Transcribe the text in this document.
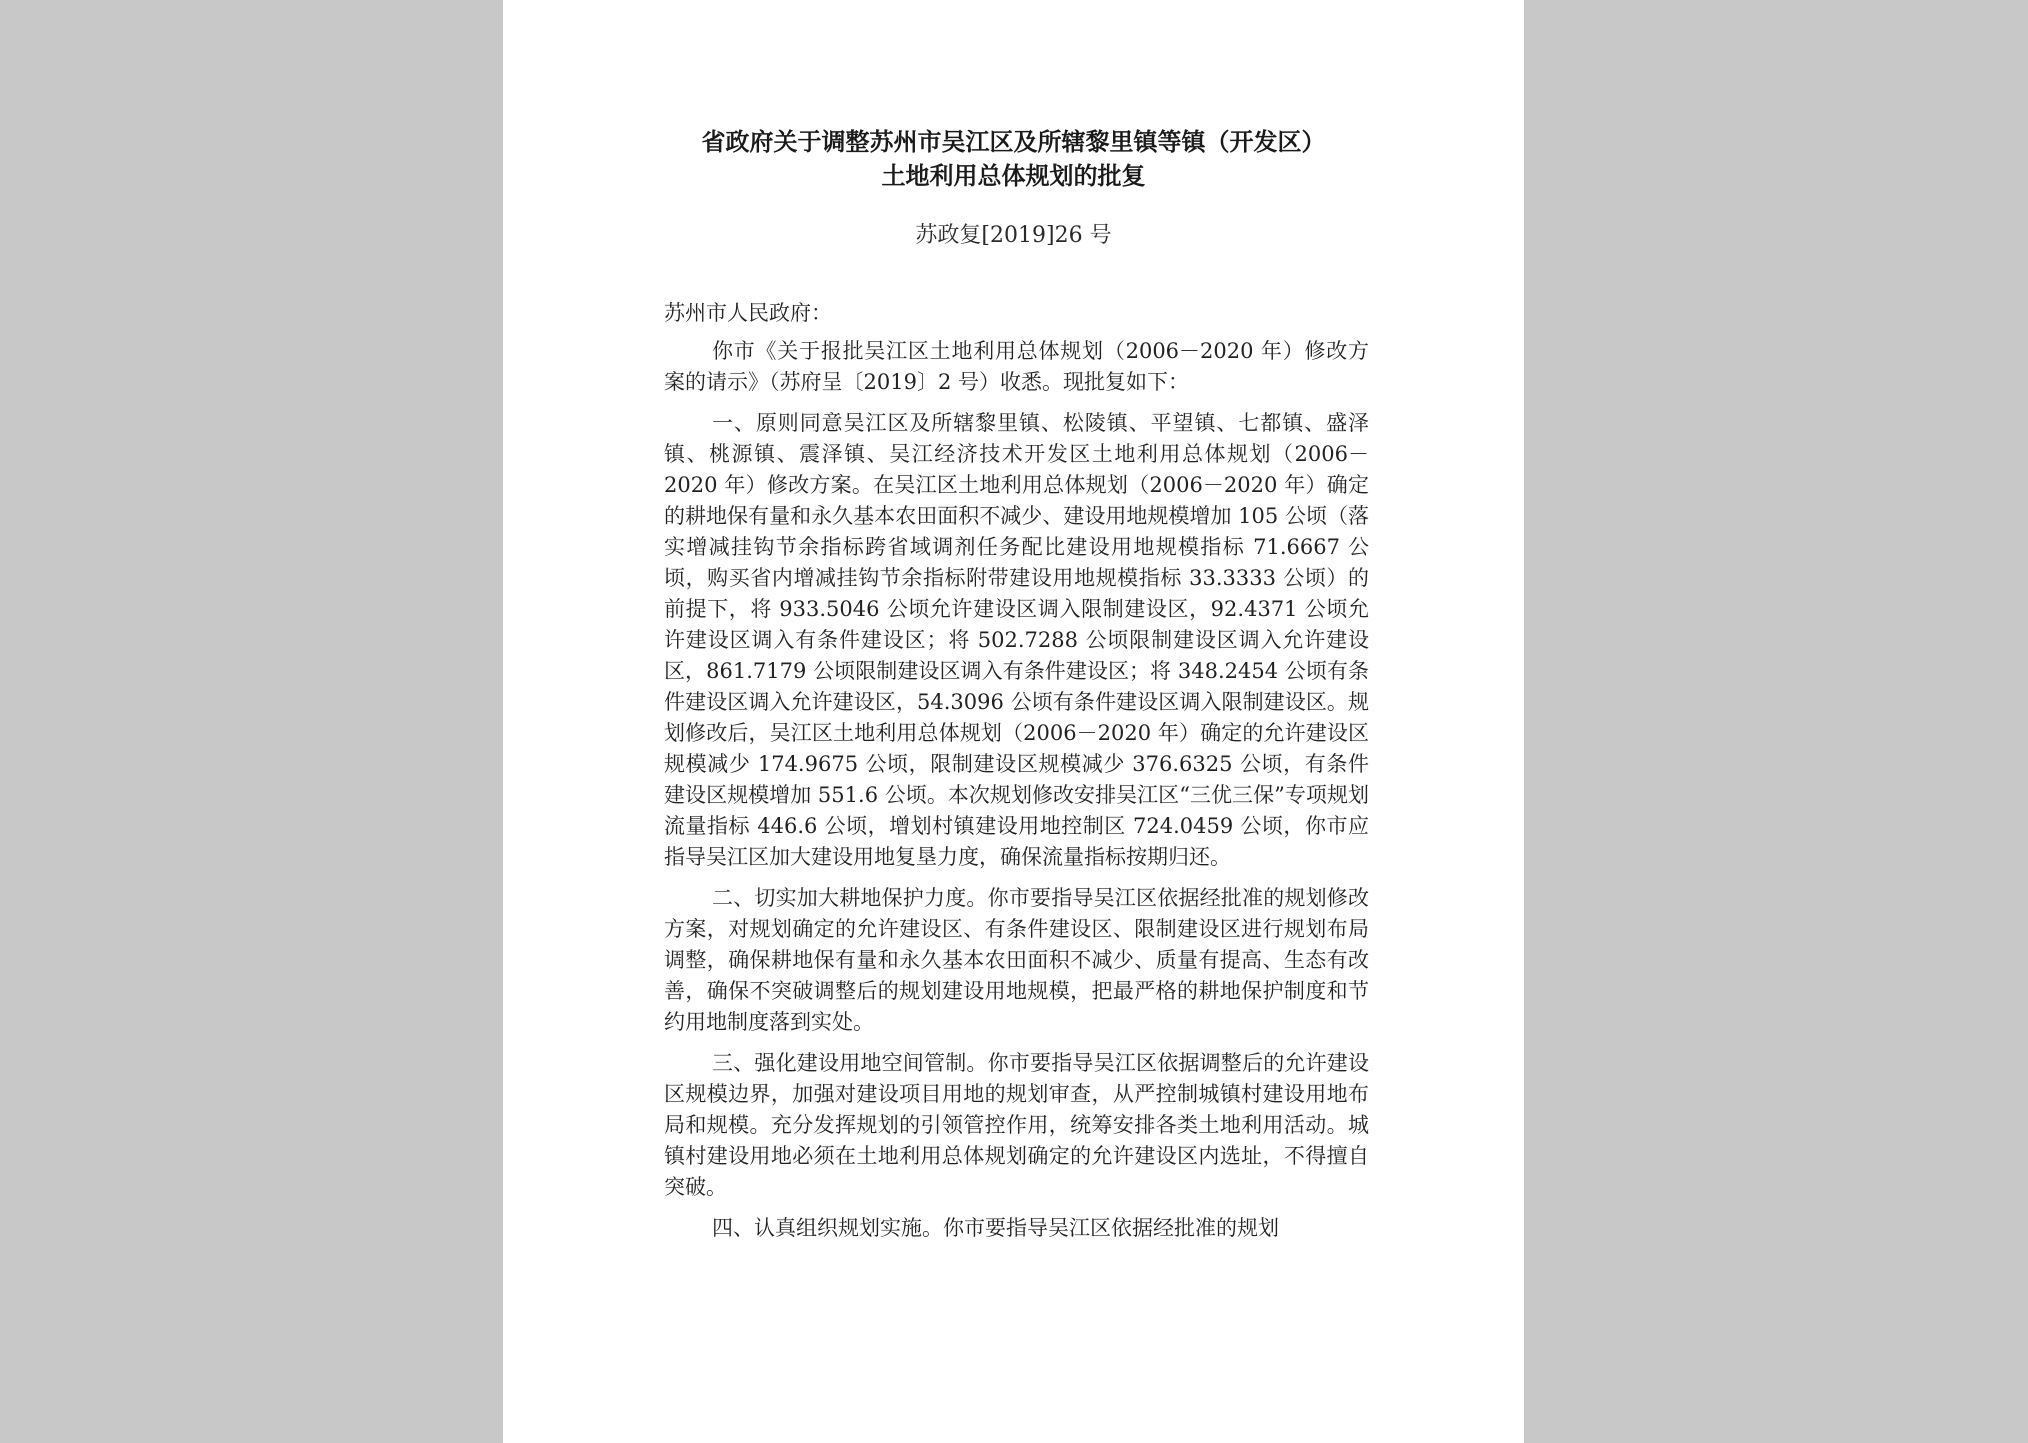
省政府关于调整苏州市吴江区及所辖黎里镇等镇（开发区）
土地利用总体规划的批复
苏政复[2019]26 号
苏州市人民政府：

你市《关于报批吴江区土地利用总体规划（2006－2020 年）修改方案的请示》（苏府呈〔2019〕2 号）收悉。现批复如下：

一、原则同意吴江区及所辖黎里镇、松陵镇、平望镇、七都镇、盛泽镇、桃源镇、震泽镇、吴江经济技术开发区土地利用总体规划（2006－2020 年）修改方案。在吴江区土地利用总体规划（2006－2020 年）确定的耕地保有量和永久基本农田面积不减少、建设用地规模增加 105 公顷（落实增减挂钩节余指标跨省域调剂任务配比建设用地规模指标 71.6667 公顷，购买省内增减挂钩节余指标附带建设用地规模指标 33.3333 公顷）的前提下，将 933.5046 公顷允许建设区调入限制建设区，92.4371 公顷允许建设区调入有条件建设区；将 502.7288 公顷限制建设区调入允许建设区，861.7179 公顷限制建设区调入有条件建设区；将 348.2454 公顷有条件建设区调入允许建设区，54.3096 公顷有条件建设区调入限制建设区。规划修改后，吴江区土地利用总体规划（2006－2020 年）确定的允许建设区规模减少 174.9675 公顷，限制建设区规模减少 376.6325 公顷，有条件建设区规模增加 551.6 公顷。本次规划修改安排吴江区“三优三保”专项规划流量指标 446.6 公顷，增划村镇建设用地控制区 724.0459 公顷，你市应指导吴江区加大建设用地复垦力度，确保流量指标按期归还。

二、切实加大耕地保护力度。你市要指导吴江区依据经批准的规划修改方案，对规划确定的允许建设区、有条件建设区、限制建设区进行规划布局调整，确保耕地保有量和永久基本农田面积不减少、质量有提高、生态有改善，确保不突破调整后的规划建设用地规模，把最严格的耕地保护制度和节约用地制度落到实处。

三、强化建设用地空间管制。你市要指导吴江区依据调整后的允许建设区规模边界，加强对建设项目用地的规划审查，从严控制城镇村建设用地布局和规模。充分发挥规划的引领管控作用，统筹安排各类土地利用活动。城镇村建设用地必须在土地利用总体规划确定的允许建设区内选址，不得擅自突破。

四、认真组织规划实施。你市要指导吴江区依据经批准的规划
